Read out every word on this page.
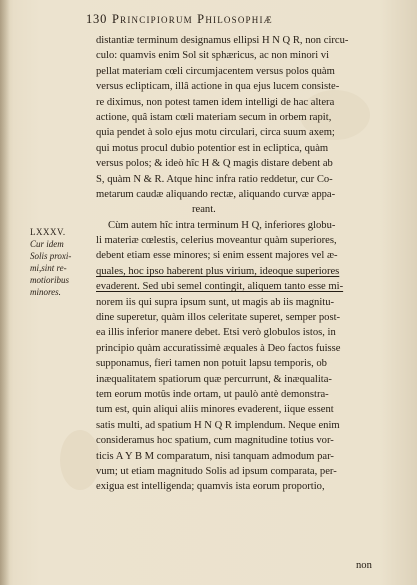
130 Principiorum Philosophiæ
LXXXV.
Cur idem
Solis proxi-
mi,sint re-
motioribus
minores.
distantiæ terminum designamus ellipsi H N Q R, non circu-
culo: quamvis enim Sol sit sphæricus, ac non minori vi
pellat materiam cœli circumjacentem versus polos quàm
versus eclipticam, illâ actione in qua ejus lucem consiste-
re diximus, non potest tamen idem intelligi de hac altera
actione, quâ istam cœli materiam secum in orbem rapit,
quia pendet à solo ejus motu circulari, circa suum axem;
qui motus procul dubio potentior est in ecliptica, quàm
versus polos; & ideò hîc H & Q magis distare debent ab
S, quàm N & R. Atque hinc infra ratio reddetur, cur Co-
metarum caudæ aliquando rectæ, aliquando curvæ appa-
reant.
Cùm autem hîc intra terminum H Q, inferiores globu-
li materiæ cœlestis, celerius moveantur quàm superiores,
debent etiam esse minores; si enim essent majores vel æ-
quales, hoc ipso haberent plus virium, ideoque superiores
evaderent. Sed ubi semel contingit, aliquem tanto esse mi-
norem iis qui supra ipsum sunt, ut magis ab iis magnitu-
dine superetur, quàm illos celeritate superet, semper post-
ea illis inferior manere debet. Etsi verò globulos istos, in
principio quàm accuratissimè æquales à Deo factos fuisse
supponamus, fieri tamen non potuit lapsu temporis, ob
inæqualitatem spatiorum quæ percurrunt, & inæqualita-
tem eorum motûs inde ortam, ut paulò antè demonstra-
tum est, quin aliqui aliis minores evaderent, iique essent
satis multi, ad spatium H N Q R implendum. Neque enim
consideramus hoc spatium, cum magnitudine totius vor-
ticis A Y B M comparatum, nisi tanquam admodum par-
vum; ut etiam magnitudo Solis ad ipsum comparata, per-
exigua est intelligenda; quamvis ista eorum proportio,
non
